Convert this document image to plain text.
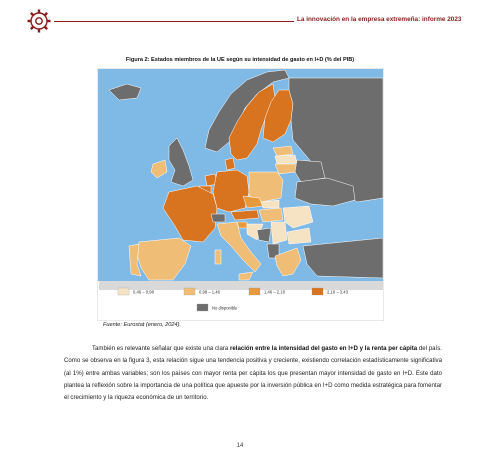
La innovación en la empresa extremeña: informe 2023
Figura 2: Estados miembros de la UE según su intensidad de gasto en I+D (% del PIB)
0,46 – 0,98	0,98 – 1,46	1,46 – 2,18	2,18 – 3,43
No disponible
Fuente: Eurostat (enero, 2024).
También es relevante señalar que existe una clara relación entre la intensidad del gasto en I+D y la renta per cápita del país. Como se observa en la figura 3, esta relación sigue una tendencia positiva y creciente, existiendo correlación estadísticamente significativa (al 1%) entre ambas variables; son los países con mayor renta per cápita los que presentan mayor intensidad de gasto en I+D. Este dato plantea la reflexión sobre la importancia de una política que apueste por la inversión pública en I+D como medida estratégica para fomentar el crecimiento y la riqueza económica de un territorio.
14
